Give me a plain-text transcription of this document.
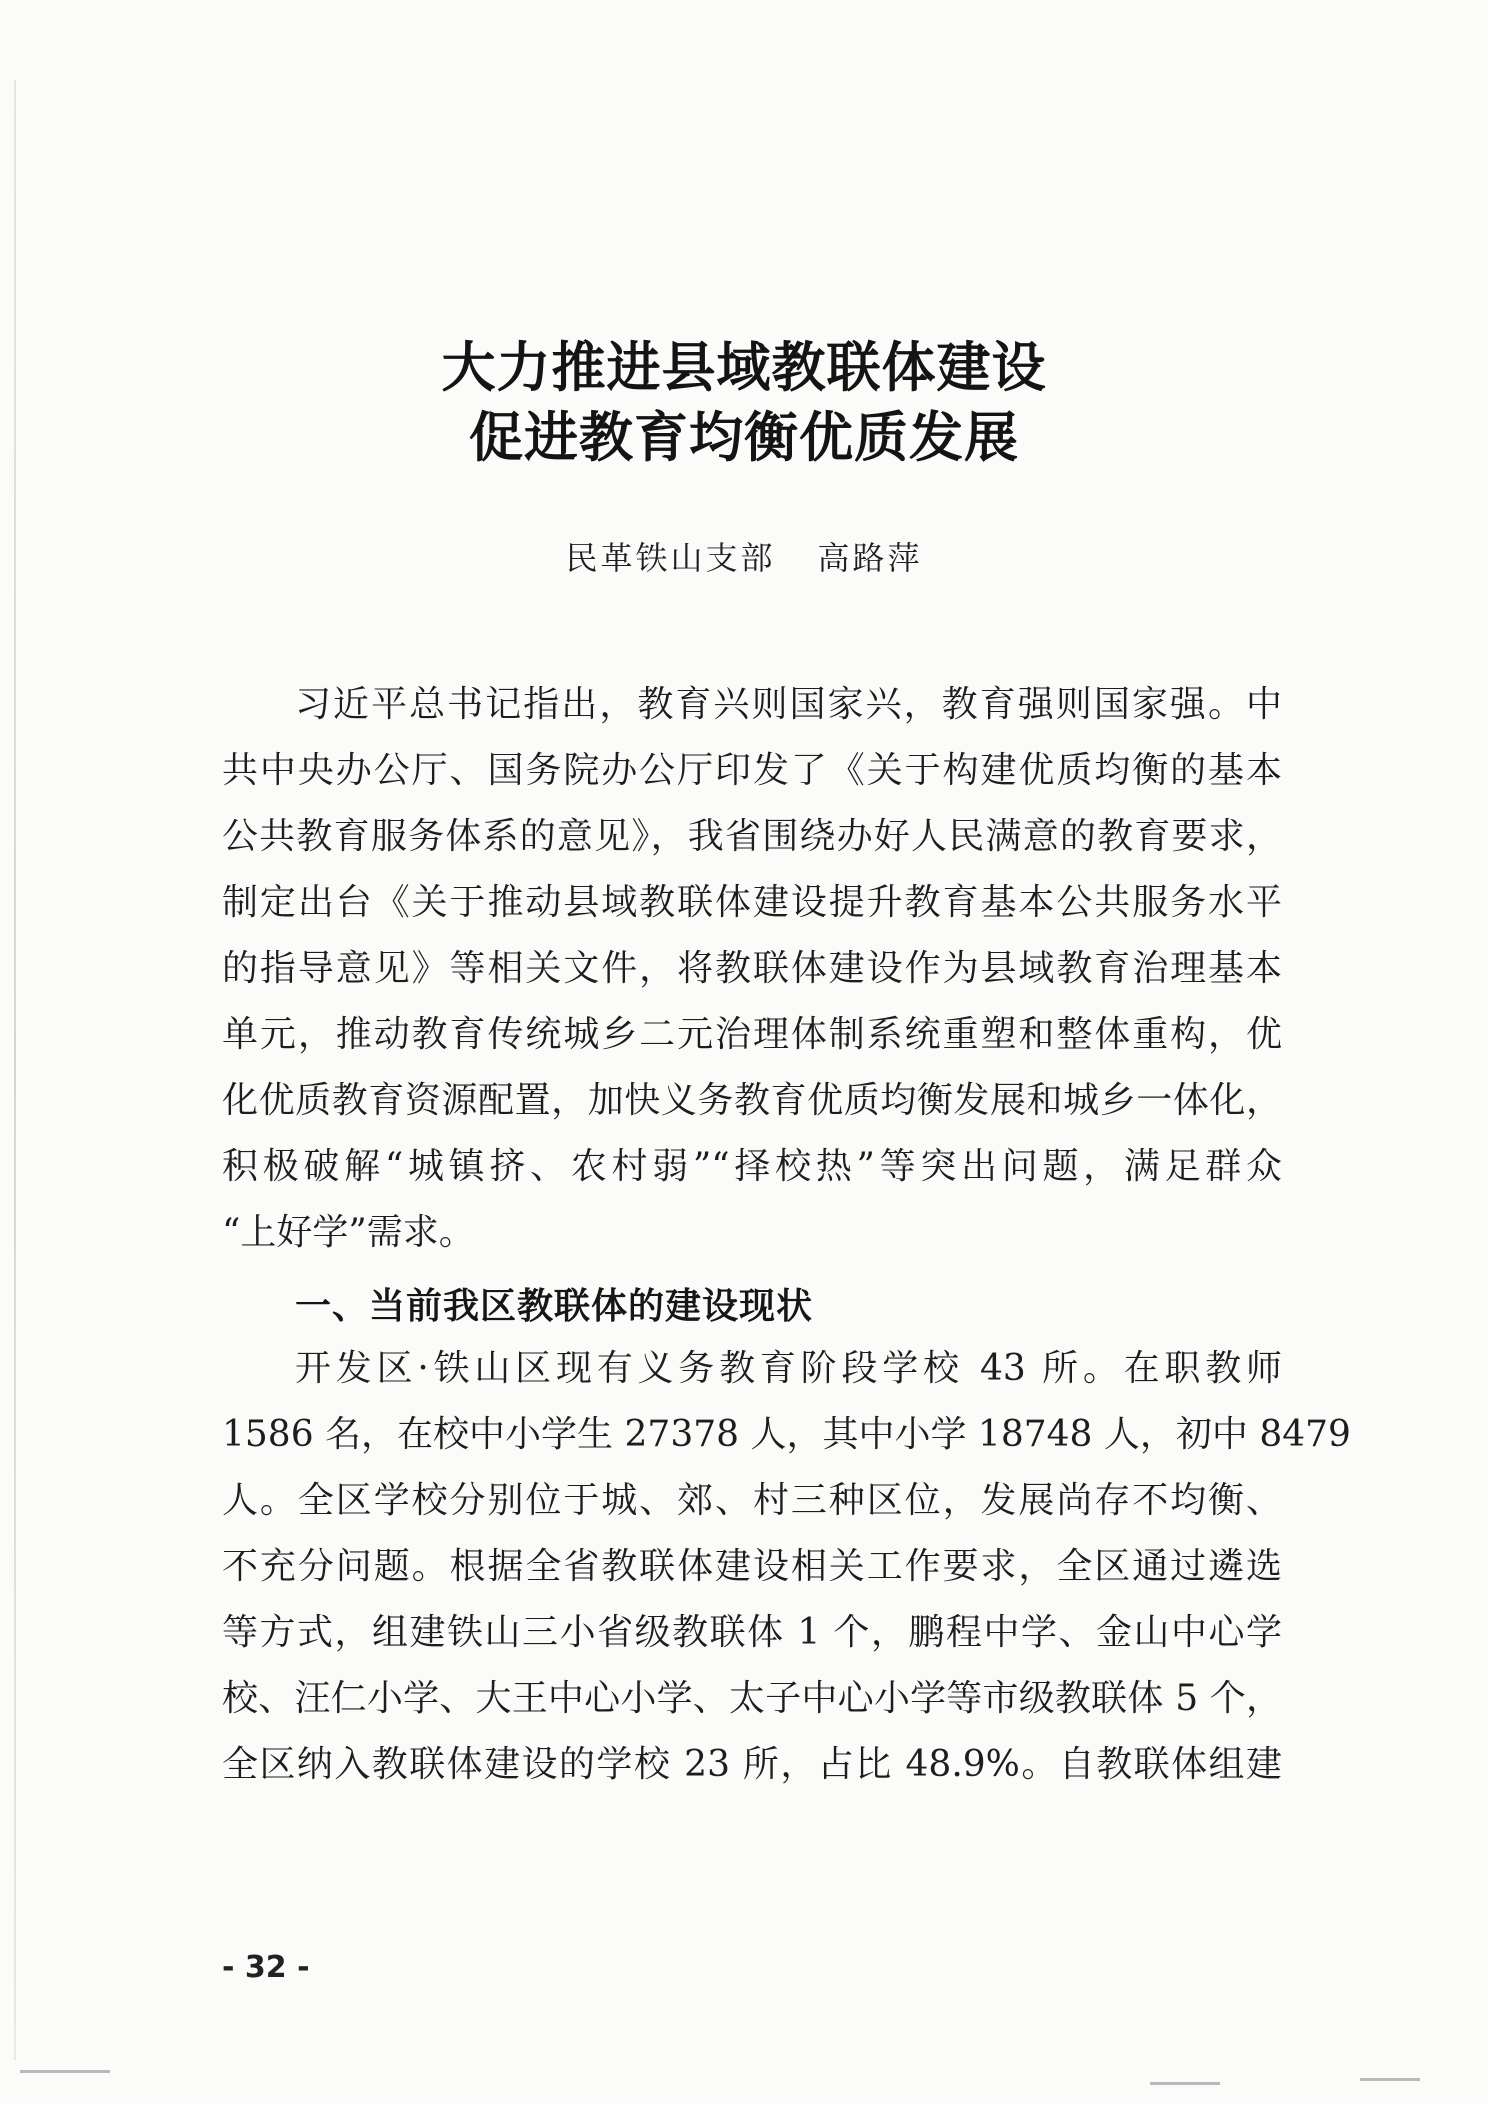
大力推进县域教联体建设
促进教育均衡优质发展
民革铁山支部 高路萍
习近平总书记指出，教育兴则国家兴，教育强则国家强。中
共中央办公厅、国务院办公厅印发了《关于构建优质均衡的基本
公共教育服务体系的意见》，我省围绕办好人民满意的教育要求，
制定出台《关于推动县域教联体建设提升教育基本公共服务水平
的指导意见》等相关文件，将教联体建设作为县域教育治理基本
单元，推动教育传统城乡二元治理体制系统重塑和整体重构，优
化优质教育资源配置，加快义务教育优质均衡发展和城乡一体化，
积极破解“城镇挤、农村弱”“择校热”等突出问题，满足群众
“上好学”需求。
一、当前我区教联体的建设现状
开发区·铁山区现有义务教育阶段学校 43 所。在职教师
1586 名，在校中小学生 27378 人，其中小学 18748 人，初中 8479
人。全区学校分别位于城、郊、村三种区位，发展尚存不均衡、
不充分问题。根据全省教联体建设相关工作要求，全区通过遴选
等方式，组建铁山三小省级教联体 1 个，鹏程中学、金山中心学
校、汪仁小学、大王中心小学、太子中心小学等市级教联体 5 个，
全区纳入教联体建设的学校 23 所，占比 48.9%。自教联体组建
- 32 -
